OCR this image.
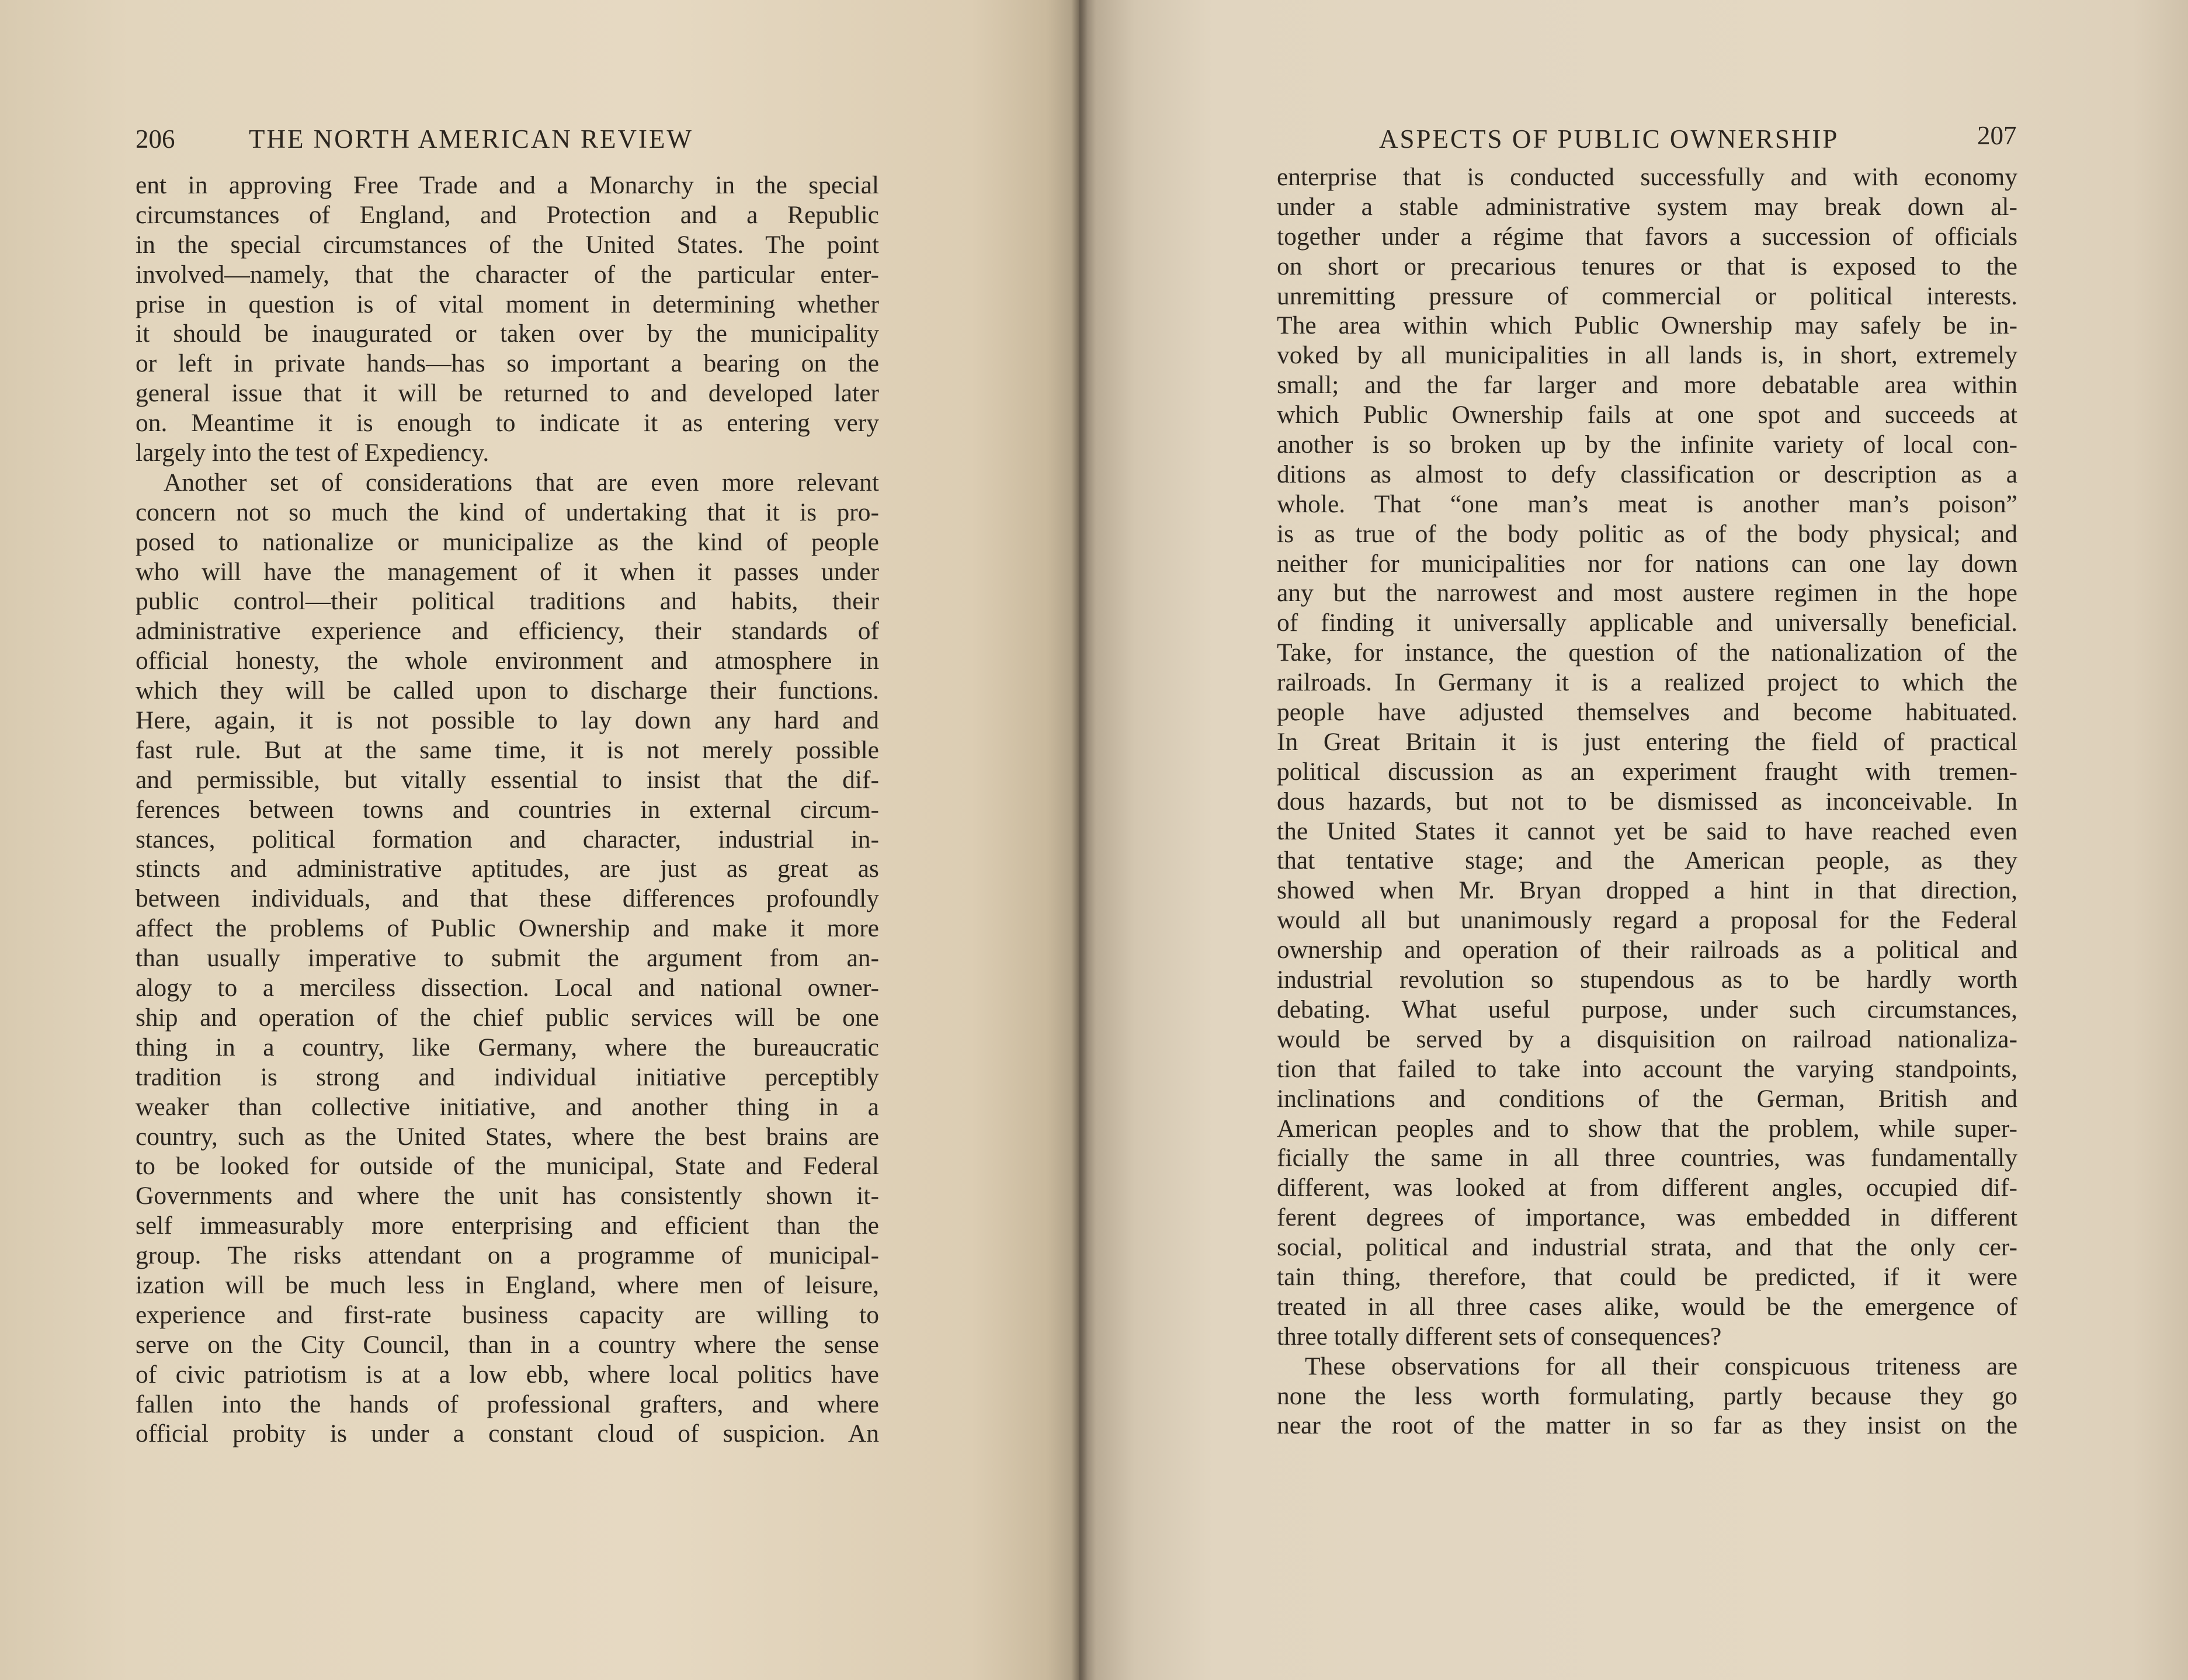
206	THE NORTH AMERICAN REVIEW
ent in approving Free Trade and a Monarchy in the special
circumstances of England, and Protection and a Republic
in the special circumstances of the United States. The point
involved—namely, that the character of the particular enter-
prise in question is of vital moment in determining whether
it should be inaugurated or taken over by the municipality
or left in private hands—has so important a bearing on the
general issue that it will be returned to and developed later
on. Meantime it is enough to indicate it as entering very
largely into the test of Expediency.
Another set of considerations that are even more relevant
concern not so much the kind of undertaking that it is pro-
posed to nationalize or municipalize as the kind of people
who will have the management of it when it passes under
public control—their political traditions and habits, their
administrative experience and efficiency, their standards of
official honesty, the whole environment and atmosphere in
which they will be called upon to discharge their functions.
Here, again, it is not possible to lay down any hard and
fast rule. But at the same time, it is not merely possible
and permissible, but vitally essential to insist that the dif-
ferences between towns and countries in external circum-
stances, political formation and character, industrial in-
stincts and administrative aptitudes, are just as great as
between individuals, and that these differences profoundly
affect the problems of Public Ownership and make it more
than usually imperative to submit the argument from an-
alogy to a merciless dissection. Local and national owner-
ship and operation of the chief public services will be one
thing in a country, like Germany, where the bureaucratic
tradition is strong and individual initiative perceptibly
weaker than collective initiative, and another thing in a
country, such as the United States, where the best brains are
to be looked for outside of the municipal, State and Federal
Governments and where the unit has consistently shown it-
self immeasurably more enterprising and efficient than the
group. The risks attendant on a programme of municipal-
ization will be much less in England, where men of leisure,
experience and first-rate business capacity are willing to
serve on the City Council, than in a country where the sense
of civic patriotism is at a low ebb, where local politics have
fallen into the hands of professional grafters, and where
official probity is under a constant cloud of suspicion. An
ASPECTS OF PUBLIC OWNERSHIP	207
enterprise that is conducted successfully and with economy
under a stable administrative system may break down al-
together under a régime that favors a succession of officials
on short or precarious tenures or that is exposed to the
unremitting pressure of commercial or political interests.
The area within which Public Ownership may safely be in-
voked by all municipalities in all lands is, in short, extremely
small; and the far larger and more debatable area within
which Public Ownership fails at one spot and succeeds at
another is so broken up by the infinite variety of local con-
ditions as almost to defy classification or description as a
whole. That “one man’s meat is another man’s poison”
is as true of the body politic as of the body physical; and
neither for municipalities nor for nations can one lay down
any but the narrowest and most austere regimen in the hope
of finding it universally applicable and universally beneficial.
Take, for instance, the question of the nationalization of the
railroads. In Germany it is a realized project to which the
people have adjusted themselves and become habituated.
In Great Britain it is just entering the field of practical
political discussion as an experiment fraught with tremen-
dous hazards, but not to be dismissed as inconceivable. In
the United States it cannot yet be said to have reached even
that tentative stage; and the American people, as they
showed when Mr. Bryan dropped a hint in that direction,
would all but unanimously regard a proposal for the Federal
ownership and operation of their railroads as a political and
industrial revolution so stupendous as to be hardly worth
debating. What useful purpose, under such circumstances,
would be served by a disquisition on railroad nationaliza-
tion that failed to take into account the varying standpoints,
inclinations and conditions of the German, British and
American peoples and to show that the problem, while super-
ficially the same in all three countries, was fundamentally
different, was looked at from different angles, occupied dif-
ferent degrees of importance, was embedded in different
social, political and industrial strata, and that the only cer-
tain thing, therefore, that could be predicted, if it were
treated in all three cases alike, would be the emergence of
three totally different sets of consequences?
These observations for all their conspicuous triteness are
none the less worth formulating, partly because they go
near the root of the matter in so far as they insist on the
